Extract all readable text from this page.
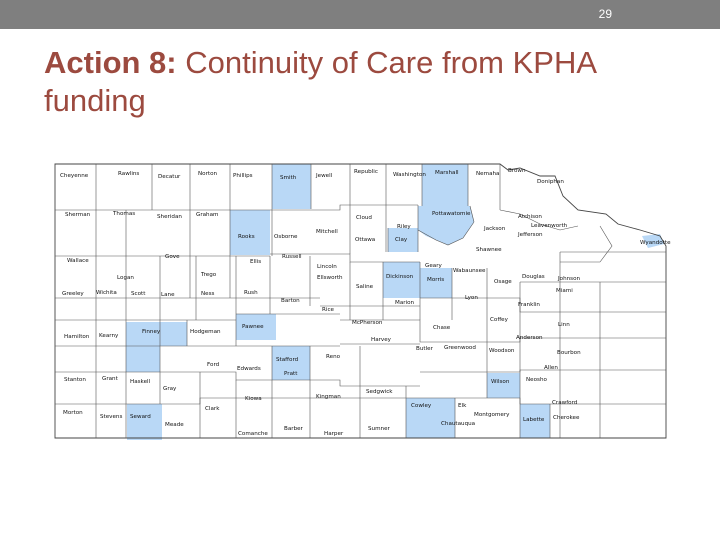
29
Action 8: Continuity of Care from KPHA funding
Cheyenne	Rawlins	Decatur	Norton	Phillips	Smith	Jewell
Republic	Washington Marshall	Nemaha Brown
Doniphan
Sherman	Thomas	Sheridan	Graham
Rooks	Osborne
Mitchell
Cloud
Clay
Riley
Pottawatomie
Jackson
Atchison
Jefferson
Leavenworth
Wyandotte
Ottawa
Shawnee
Wallace
Logan
Gove
Trego
Ellis
Russell
Lincoln
Ellsworth
Saline
Dickinson
Geary
Morris
Wabaunsee
Osage
Douglas Johnson
Miami
Franklin
Lyon
Greeley Wichita	Scott	Lane	Ness	Rush
Barton
Rice
McPherson
Marion
Chase
Coffey
Anderson
Linn
Hamilton Kearny
Finney	Hodgeman
Pawnee
Harvey
Butler Greenwood Woodson
Allen
Bourbon
Ford
Edwards
Stafford
Pratt
Reno
Stanton	Grant Haskell
Gray
Kiowa	Kingman
Sedgwick
Neosho
Wilson
Elk	Crawford
Morton
Stevens Seward
Clark
Meade
Comanche
Barber
Harper
Sumner
Cowley
Montgomery
Chautauqua
Labette Cherokee
